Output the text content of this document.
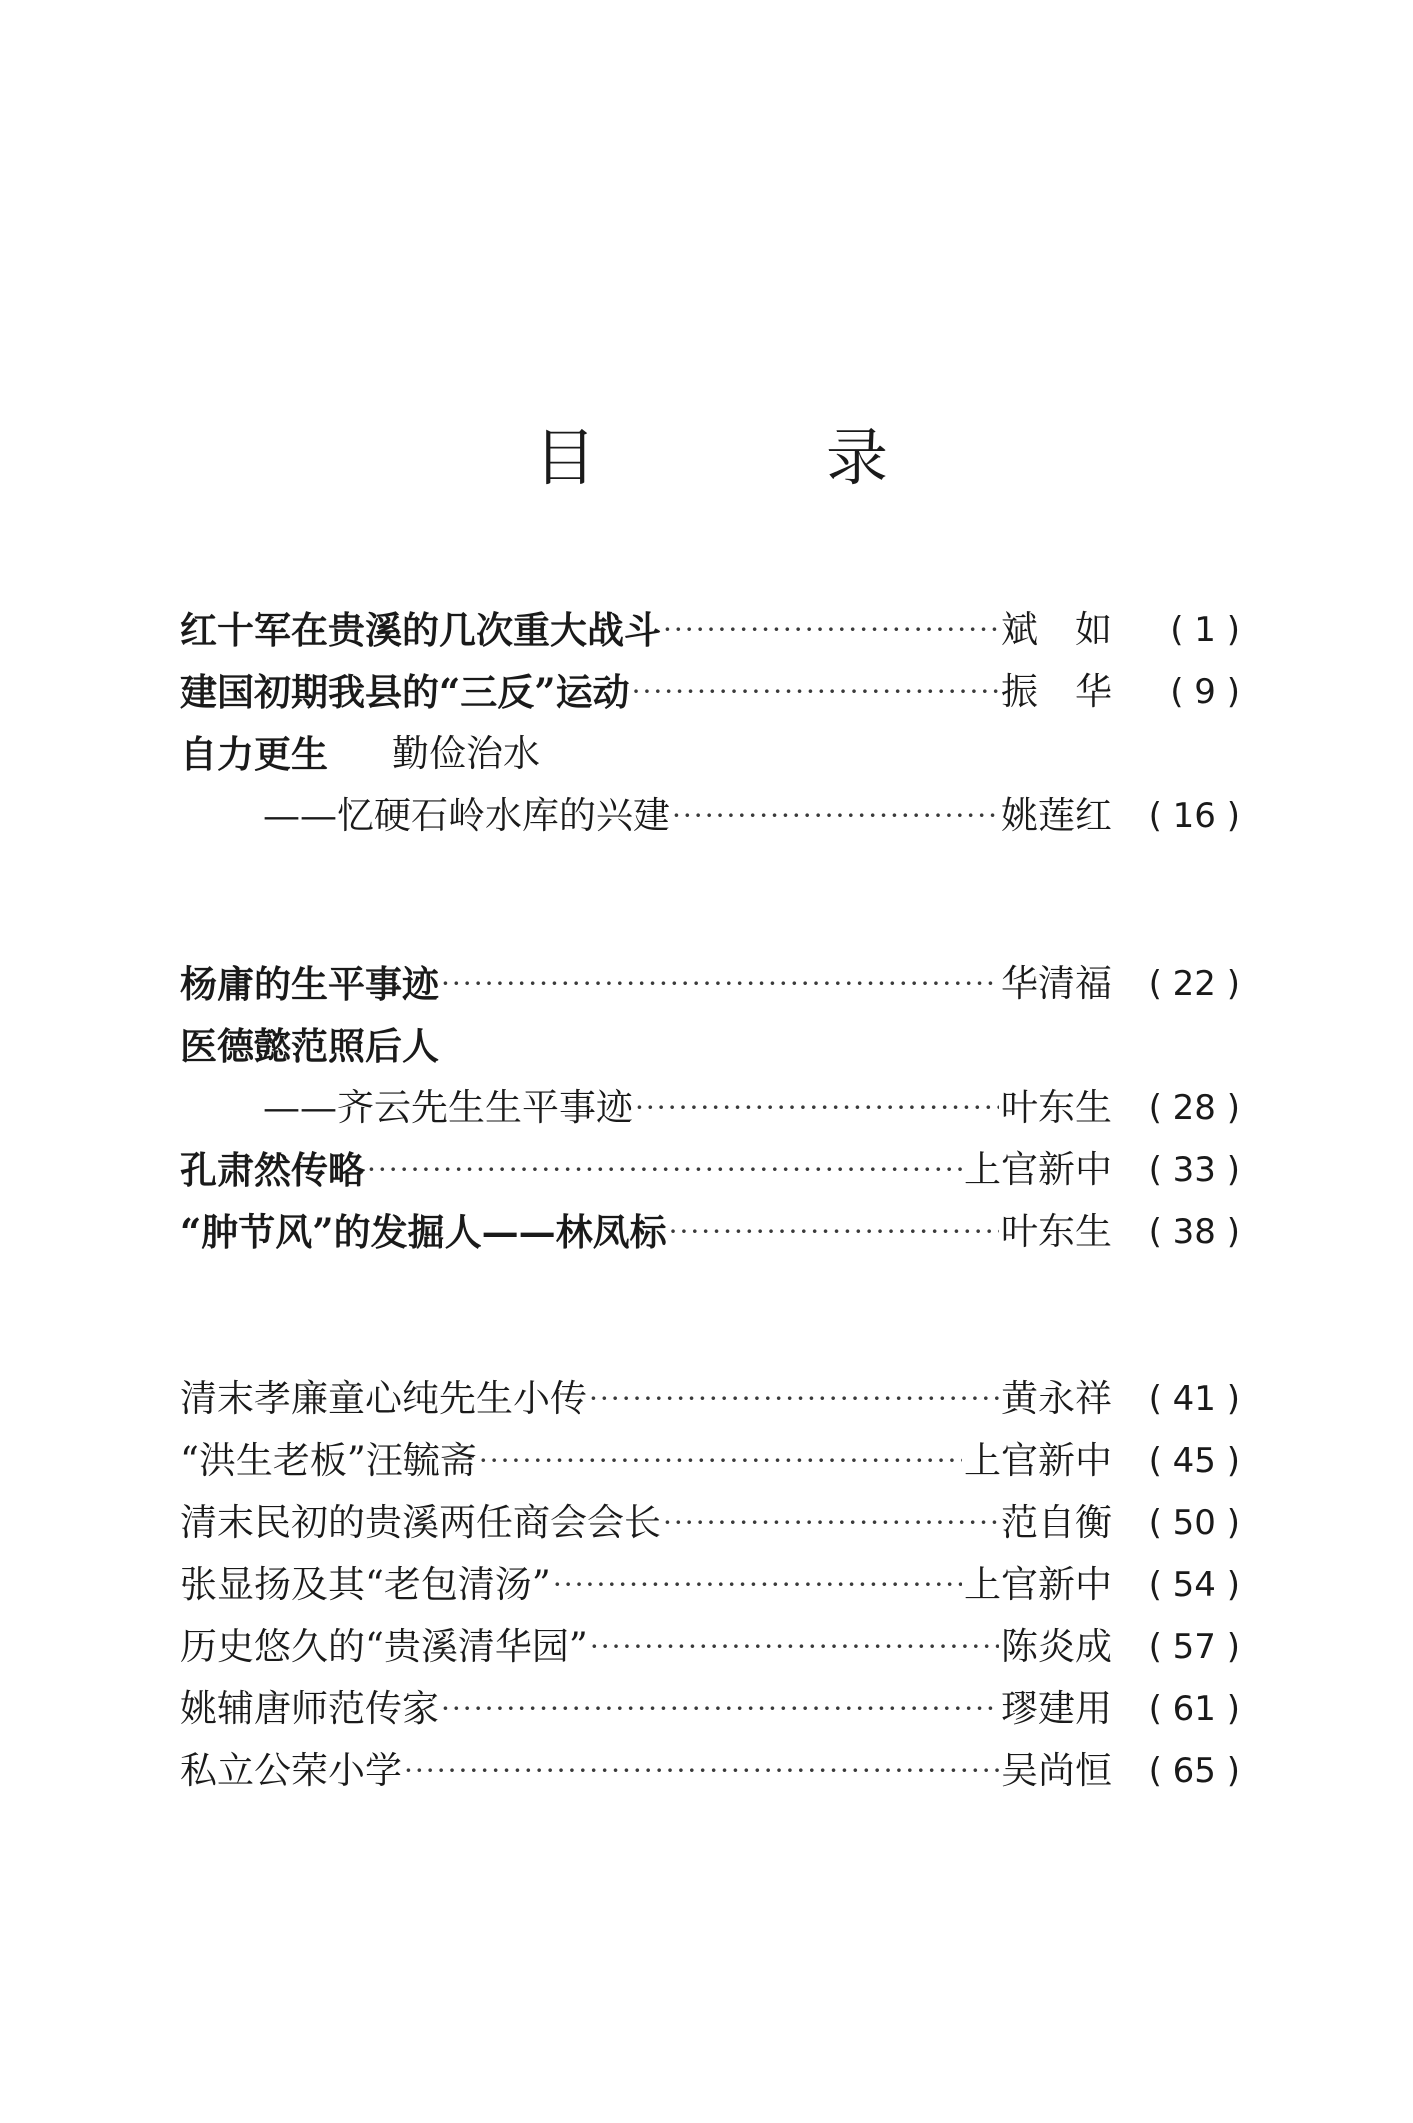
目	录
红十军在贵溪的几次重大战斗 ·····	斌　如	( 1 )
建国初期我县的“三反”运动 ·····	振　华	( 9 )
自力更生 勤俭治水
——忆硬石岭水库的兴建 ·····	姚莲红	( 16 )
杨庸的生平事迹 ·····	华清福	( 22 )
医德懿范照后人
——齐云先生生平事迹 ·····	叶东生	( 28 )
孔肃然传略 ·····	上官新中	( 33 )
“肿节风”的发掘人——林凤标 ·····	叶东生	( 38 )
清末孝廉童心纯先生小传 ·····	黄永祥	( 41 )
“洪生老板”汪毓斋 ·····	上官新中	( 45 )
清末民初的贵溪两任商会会长 ·····	范自衡	( 50 )
张显扬及其“老包清汤” ·····	上官新中	( 54 )
历史悠久的“贵溪清华园” ·····	陈炎成	( 57 )
姚辅唐师范传家 ·····	璆建用	( 61 )
私立公荣小学 ·····	吴尚恒	( 65 )
